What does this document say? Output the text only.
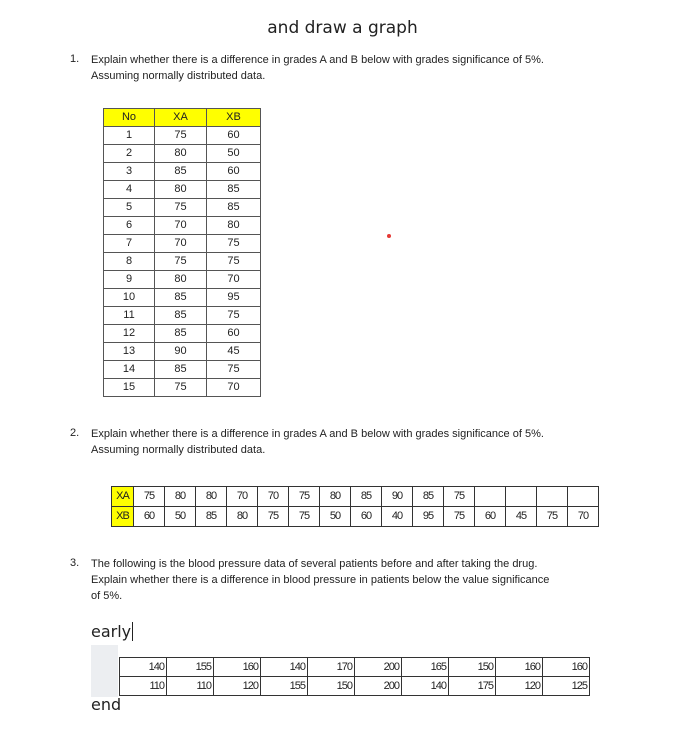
and draw a graph
1. Explain whether there is a difference in grades A and B below with grades significance of 5%.
Assuming normally distributed data.
No	XA	XB
1	75	60
2	80	50
3	85	60
4	80	85
5	75	85
6	70	80
7	70	75
8	75	75
9	80	70
10	85	95
11	85	75
12	85	60
13	90	45
14	85	75
15	75	70
2. Explain whether there is a difference in grades A and B below with grades significance of 5%.
Assuming normally distributed data.
XA	75	80	80	70	70	75	80	85	90	85	75				
XB	60	50	85	80	75	75	50	60	40	95	75	60	45	75	70
3. The following is the blood pressure data of several patients before and after taking the drug.
Explain whether there is a difference in blood pressure in patients below the value significance
of 5%.
early
140	155	160	140	170	200	165	150	160	160
110	110	120	155	150	200	140	175	120	125
end
